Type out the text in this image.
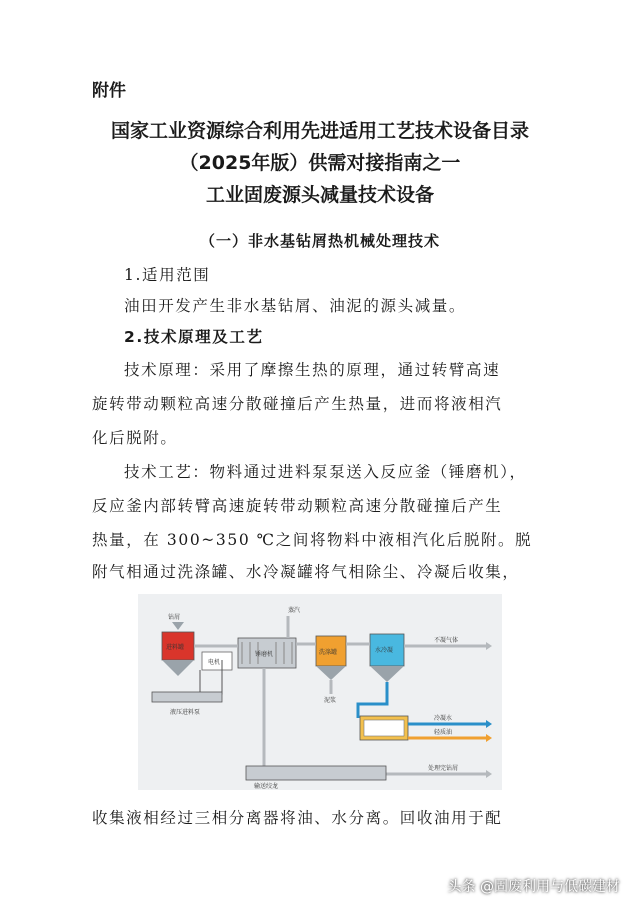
附件
国家工业资源综合利用先进适用工艺技术设备目录
（2025年版）供需对接指南之一
工业固废源头减量技术设备
（一）非水基钻屑热机械处理技术
1.适用范围
油田开发产生非水基钻屑、油泥的源头减量。
2.技术原理及工艺
技术原理：采用了摩擦生热的原理，通过转臂高速
旋转带动颗粒高速分散碰撞后产生热量，进而将液相汽
化后脱附。
技术工艺：物料通过进料泵泵送入反应釜（锤磨机），
反应釜内部转臂高速旋转带动颗粒高速分散碰撞后产生
热量，在 300~350 ℃之间将物料中液相汽化后脱附。脱
附气相通过洗涤罐、水冷凝罐将气相除尘、冷凝后收集，
钻屑
进料罐
电机
锤磨机
蒸汽
洗涤罐	水冷凝
不凝气体
泥浆
液压进料泵
冷凝水
轻质油
处理完钻屑
输送绞龙
收集液相经过三相分离器将油、水分离。回收油用于配
头条 @固废利用与低碳建材
